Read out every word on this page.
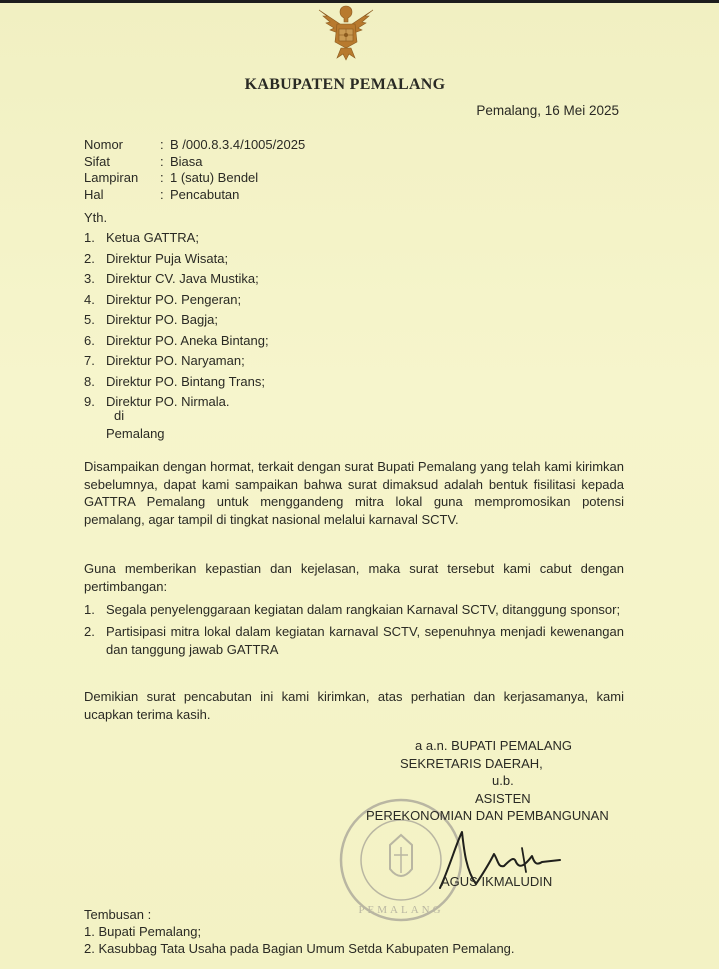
KABUPATEN PEMALANG
Pemalang, 16 Mei 2025
Nomor	: B /000.8.3.4/1005/2025
Sifat	: Biasa
Lampiran	: 1 (satu) Bendel
Hal	: Pencabutan
Yth.
1. Ketua GATTRA;
2. Direktur Puja Wisata;
3. Direktur CV. Java Mustika;
4. Direktur PO. Pengeran;
5. Direktur PO. Bagja;
6. Direktur PO. Aneka Bintang;
7. Direktur PO. Naryaman;
8. Direktur PO. Bintang Trans;
9. Direktur PO. Nirmala.
di
Pemalang

Disampaikan dengan hormat, terkait dengan surat Bupati Pemalang yang telah kami kirimkan sebelumnya, dapat kami sampaikan bahwa surat dimaksud adalah bentuk fisilitasi kepada GATTRA Pemalang untuk menggandeng mitra lokal guna mempromosikan potensi pemalang, agar tampil di tingkat nasional melalui karnaval SCTV.

Guna memberikan kepastian dan kejelasan, maka surat tersebut kami cabut dengan pertimbangan:

1. Segala penyelenggaraan kegiatan dalam rangkaian Karnaval SCTV, ditanggung sponsor;
2. Partisipasi mitra lokal dalam kegiatan karnaval SCTV, sepenuhnya menjadi kewenangan dan tanggung jawab GATTRA

Demikian surat pencabutan ini kami kirimkan, atas perhatian dan kerjasamanya, kami ucapkan terima kasih.

PEMALANG
a a.n. BUPATI PEMALANG
SEKRETARIS DAERAH,
u.b.
ASISTEN
PEREKONOMIAN DAN PEMBANGUNAN
AGUS IKMALUDIN
Tembusan :
1. Bupati Pemalang;
2. Kasubbag Tata Usaha pada Bagian Umum Setda Kabupaten Pemalang.
